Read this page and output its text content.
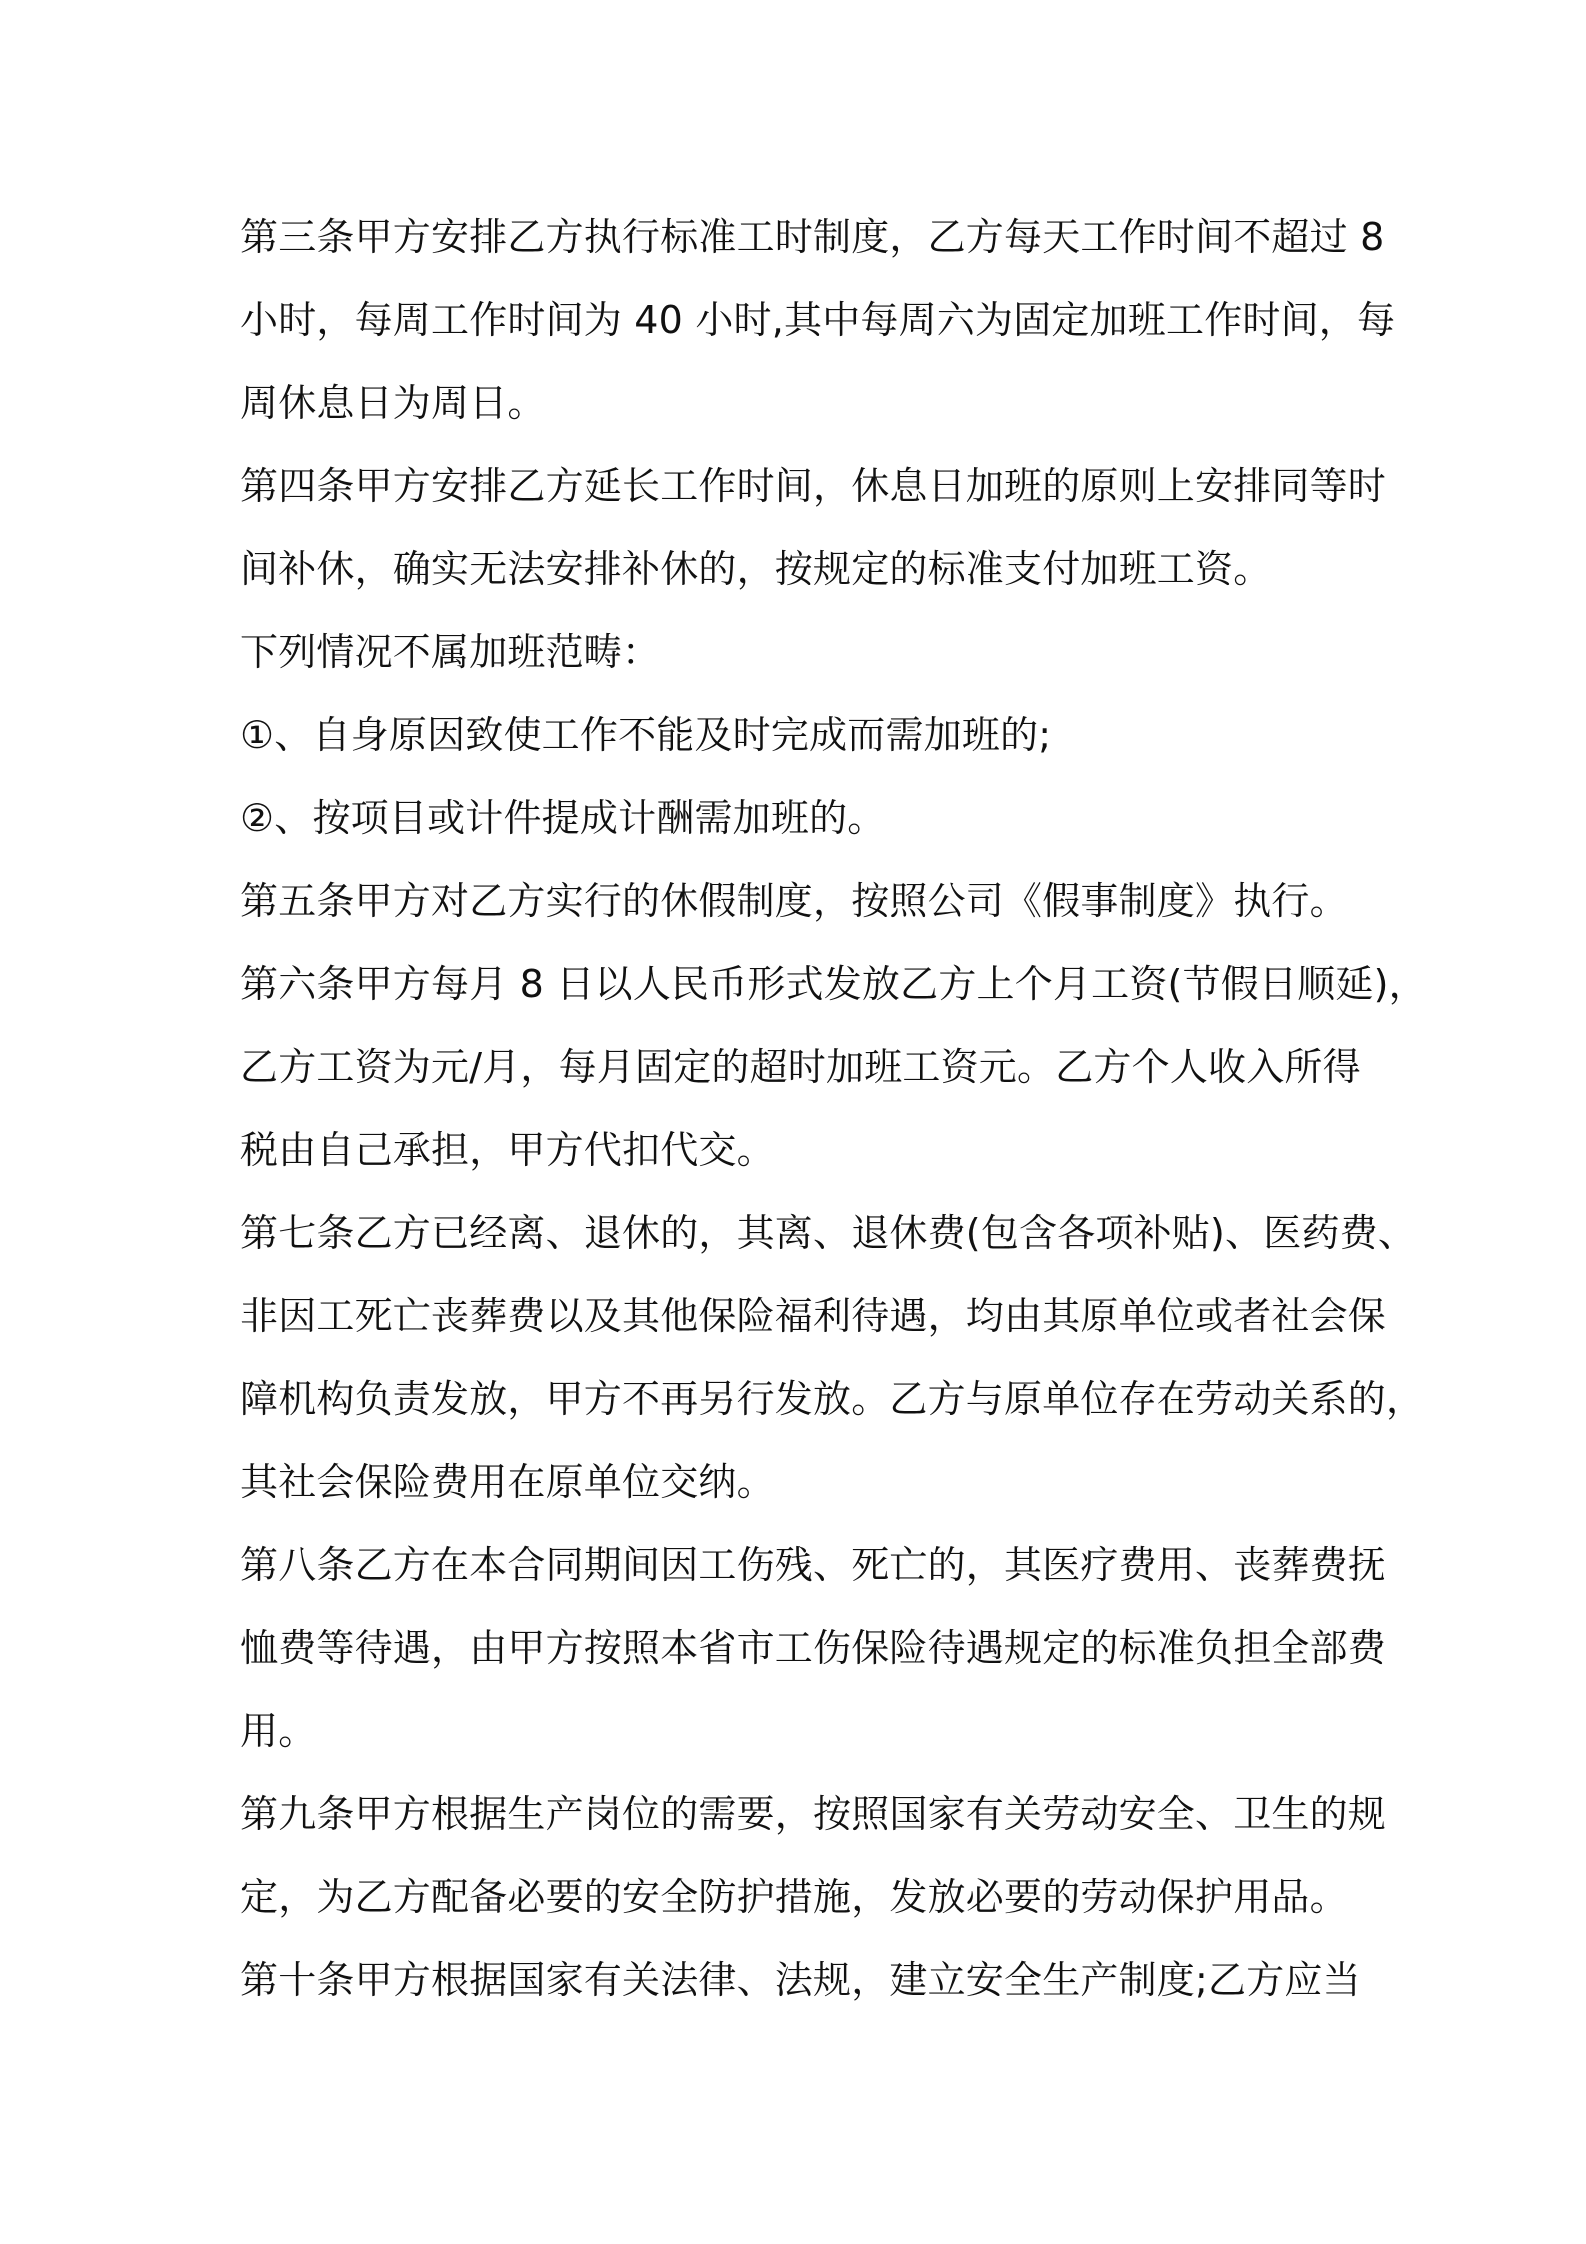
第三条甲方安排乙方执行标准工时制度，乙方每天工作时间不超过 8
小时，每周工作时间为 40 小时,其中每周六为固定加班工作时间，每
周休息日为周日。
第四条甲方安排乙方延长工作时间，休息日加班的原则上安排同等时
间补休，确实无法安排补休的，按规定的标准支付加班工资。
下列情况不属加班范畴：
①、自身原因致使工作不能及时完成而需加班的;
②、按项目或计件提成计酬需加班的。
第五条甲方对乙方实行的休假制度，按照公司《假事制度》执行。
第六条甲方每月 8 日以人民币形式发放乙方上个月工资(节假日顺延)，
乙方工资为元/月，每月固定的超时加班工资元。乙方个人收入所得
税由自己承担，甲方代扣代交。
第七条乙方已经离、退休的，其离、退休费(包含各项补贴)、医药费、
非因工死亡丧葬费以及其他保险福利待遇，均由其原单位或者社会保
障机构负责发放，甲方不再另行发放。乙方与原单位存在劳动关系的，
其社会保险费用在原单位交纳。
第八条乙方在本合同期间因工伤残、死亡的，其医疗费用、丧葬费抚
恤费等待遇，由甲方按照本省市工伤保险待遇规定的标准负担全部费
用。
第九条甲方根据生产岗位的需要，按照国家有关劳动安全、卫生的规
定，为乙方配备必要的安全防护措施，发放必要的劳动保护用品。
第十条甲方根据国家有关法律、法规，建立安全生产制度;乙方应当
